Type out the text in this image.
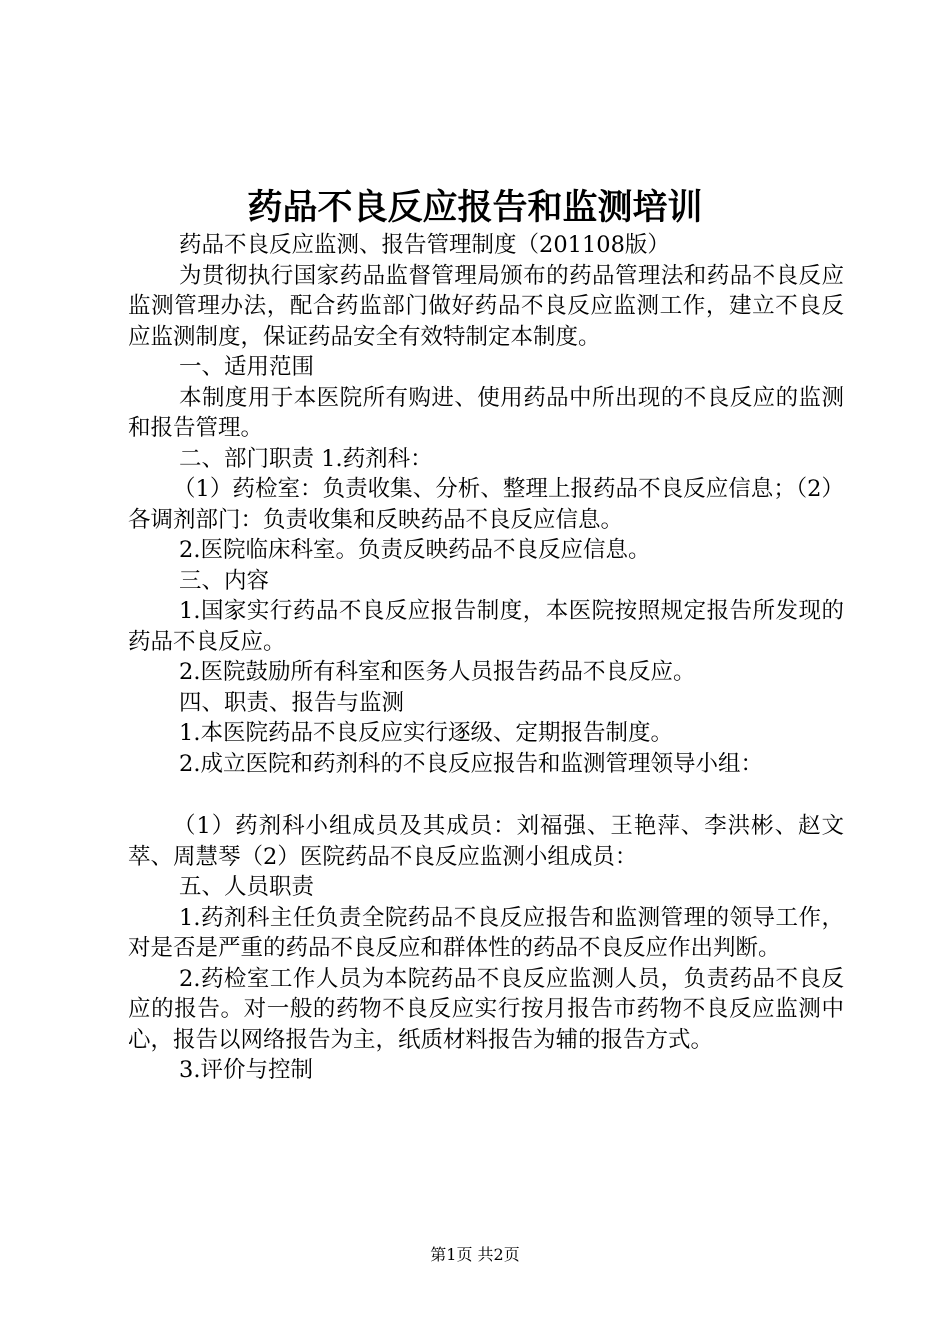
药品不良反应报告和监测培训

药品不良反应监测、报告管理制度（201108版）

为贯彻执行国家药品监督管理局颁布的药品管理法和药品不良反应监测管理办法，配合药监部门做好药品不良反应监测工作，建立不良反应监测制度，保证药品安全有效特制定本制度。

一、适用范围

本制度用于本医院所有购进、使用药品中所出现的不良反应的监测和报告管理。

二、部门职责 1.药剂科：

（1）药检室：负责收集、分析、整理上报药品不良反应信息；（2）各调剂部门：负责收集和反映药品不良反应信息。

2.医院临床科室。负责反映药品不良反应信息。

三、内容

1.国家实行药品不良反应报告制度，本医院按照规定报告所发现的药品不良反应。

2.医院鼓励所有科室和医务人员报告药品不良反应。

四、职责、报告与监测

1.本医院药品不良反应实行逐级、定期报告制度。

2.成立医院和药剂科的不良反应报告和监测管理领导小组：

（1）药剂科小组成员及其成员：刘福强、王艳萍、李洪彬、赵文萃、周慧琴（2）医院药品不良反应监测小组成员：

五、人员职责

1.药剂科主任负责全院药品不良反应报告和监测管理的领导工作，对是否是严重的药品不良反应和群体性的药品不良反应作出判断。

2.药检室工作人员为本院药品不良反应监测人员，负责药品不良反应的报告。对一般的药物不良反应实行按月报告市药物不良反应监测中心，报告以网络报告为主，纸质材料报告为辅的报告方式。

3.评价与控制

第1页 共2页
